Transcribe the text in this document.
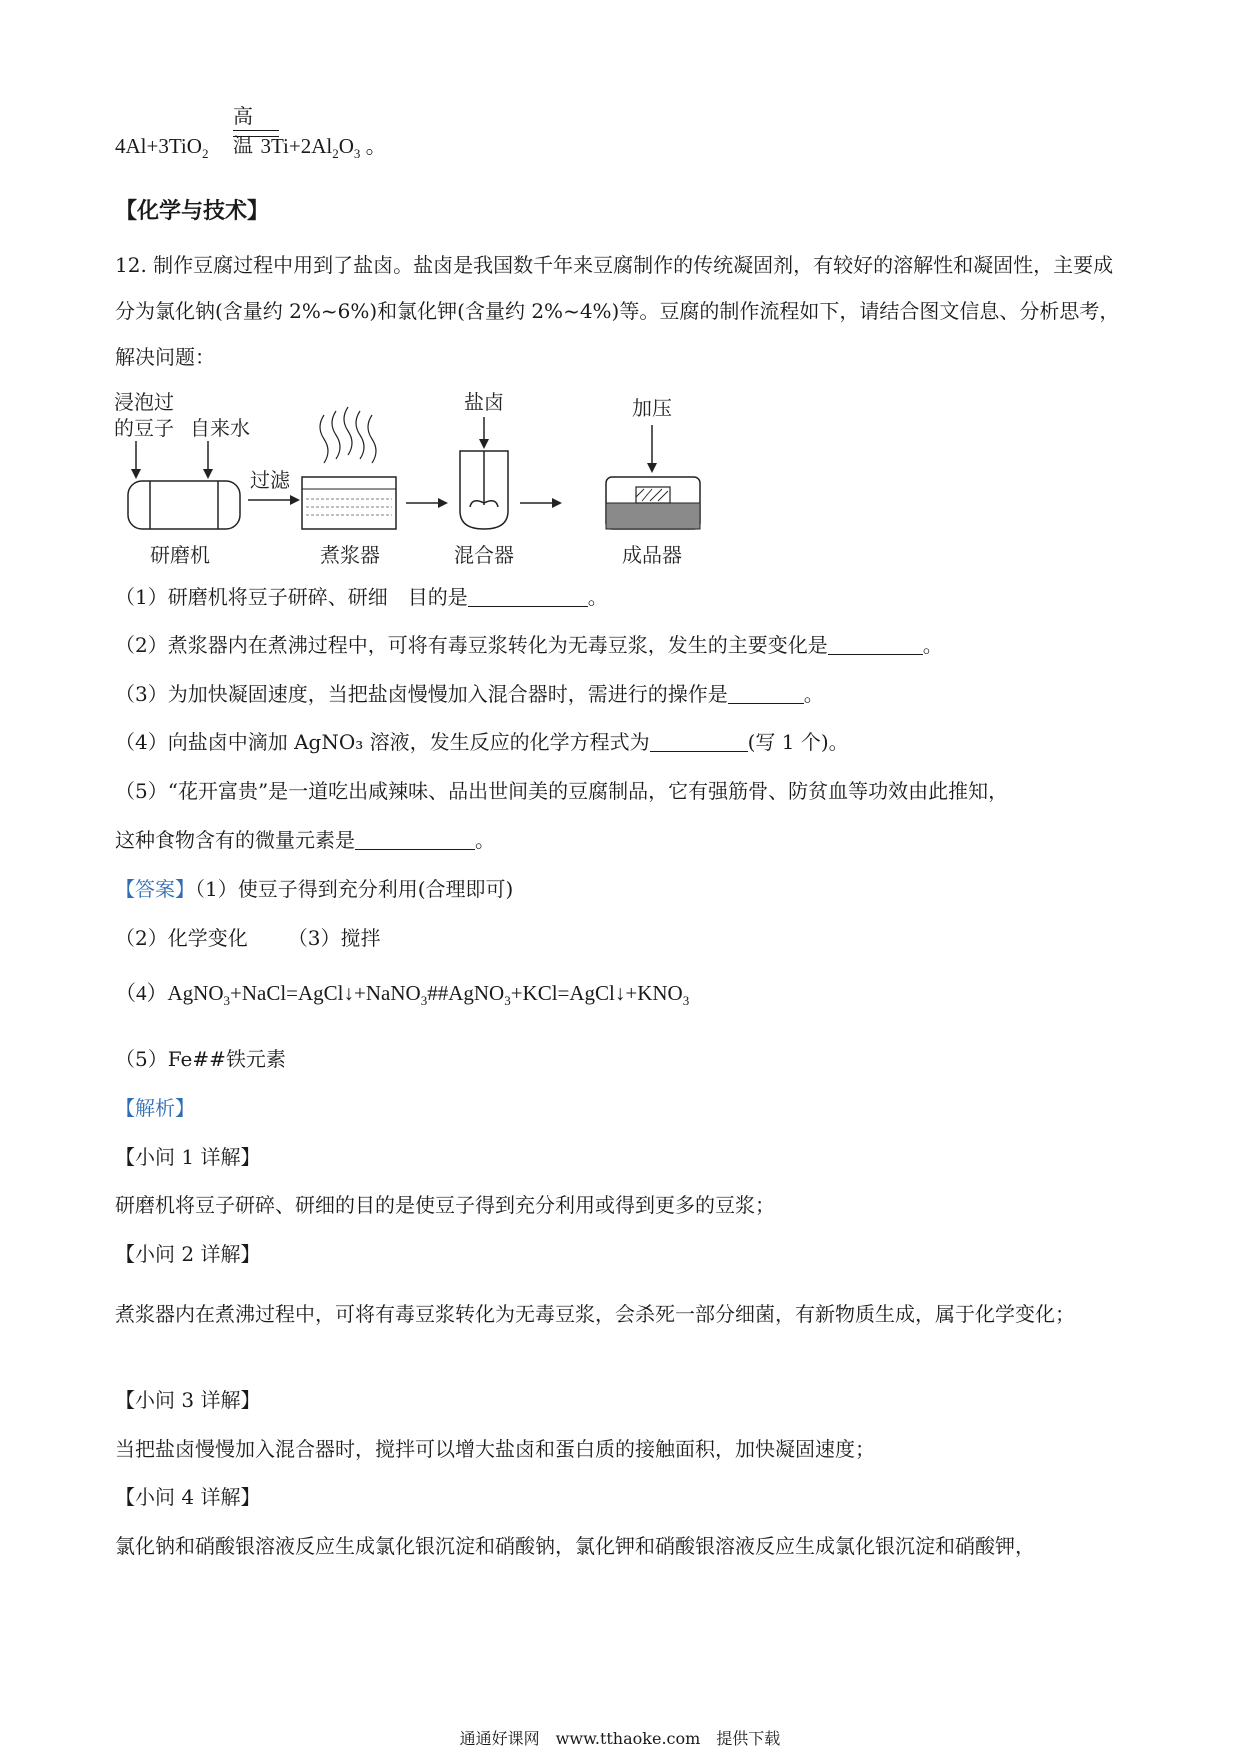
高温
4Al+3TiO$_2$ $3Ti+2Al_2O_3$ 。
【化学与技术】
12. 制作豆腐过程中用到了盐卤。盐卤是我国数千年来豆腐制作的传统凝固剂，有较好的溶解性和凝固性，主要成分为氯化钠(含量约 2%~6%)和氯化钾(含量约 2%~4%)等。豆腐的制作流程如下，请结合图文信息、分析思考，解决问题：
浸泡过
的豆子 自来水
研磨机
过滤
煮浆器
盐卤
混合器
加压
成品器
（1）研磨机将豆子研碎、研细　目的是	。
（2）煮浆器内在煮沸过程中，可将有毒豆浆转化为无毒豆浆，发生的主要变化是	。
（3）为加快凝固速度，当把盐卤慢慢加入混合器时，需进行的操作是	。
（4）向盐卤中滴加 AgNO₃ 溶液，发生反应的化学方程式为	(写 1 个)。
（5）“花开富贵”是一道吃出咸辣味、品出世间美的豆腐制品，它有强筋骨、防贫血等功效由此推知，
这种食物含有的微量元素是	。
【答案】（1）使豆子得到充分利用(合理即可)
（2）化学变化 （3）搅拌
$(4)AgNO_3+NaCl=AgCl↓+NaNO_3\#\#AgNO_3+KCl=AgCl↓+KNO_3$
（5）Fe##铁元素
【解析】
【小问 1 详解】
研磨机将豆子研碎、研细的目的是使豆子得到充分利用或得到更多的豆浆；
【小问 2 详解】
煮浆器内在煮沸过程中，可将有毒豆浆转化为无毒豆浆，会杀死一部分细菌，有新物质生成，属于化学变化；
【小问 3 详解】
当把盐卤慢慢加入混合器时，搅拌可以增大盐卤和蛋白质的接触面积，加快凝固速度；
【小问 4 详解】
氯化钠和硝酸银溶液反应生成氯化银沉淀和硝酸钠，氯化钾和硝酸银溶液反应生成氯化银沉淀和硝酸钾，
通通好课网　www.tthaoke.com　提供下载
